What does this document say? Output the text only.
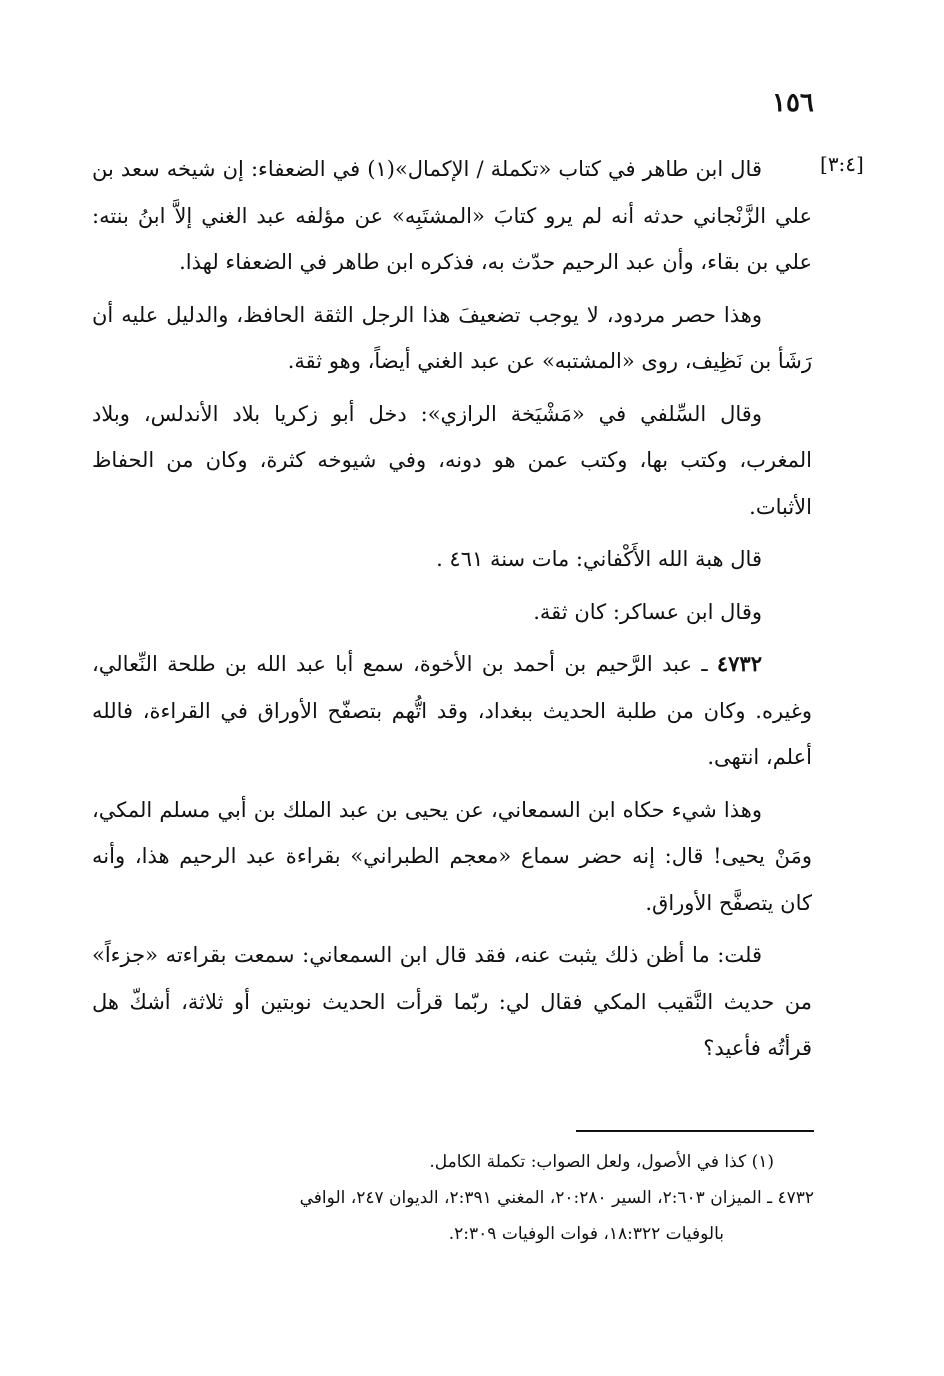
١٥٦
[٣:٤]

قال ابن طاهر في كتاب «تكملة / الإكمال»(١) في الضعفاء: إن شيخه سعد بن علي الزَّنْجاني حدثه أنه لم يرو كتابَ «المشتَبِه» عن مؤلفه عبد الغني إلاَّ ابنُ بنته: علي بن بقاء، وأن عبد الرحيم حدّث به، فذكره ابن طاهر في الضعفاء لهذا.

وهذا حصر مردود، لا يوجب تضعيفَ هذا الرجل الثقة الحافظ، والدليل عليه أن رَشَأ بن نَظِيف، روى «المشتبه» عن عبد الغني أيضاً، وهو ثقة.

وقال السِّلفي في «مَشْيَخة الرازي»: دخل أبو زكريا بلاد الأندلس، وبلاد المغرب، وكتب بها، وكتب عمن هو دونه، وفي شيوخه كثرة، وكان من الحفاظ الأثبات.

قال هبة الله الأَكْفاني: مات سنة ٤٦١ .

وقال ابن عساكر: كان ثقة.

٤٧٣٢ ـ عبد الرَّحيم بن أحمد بن الأخوة، سمع أبا عبد الله بن طلحة النِّعالي، وغيره. وكان من طلبة الحديث ببغداد، وقد اتُّهم بتصفّح الأوراق في القراءة، فالله أعلم، انتهى.

وهذا شيء حكاه ابن السمعاني، عن يحيى بن عبد الملك بن أبي مسلم المكي، ومَنْ يحيى! قال: إنه حضر سماع «معجم الطبراني» بقراءة عبد الرحيم هذا، وأنه كان يتصفَّح الأوراق.

قلت: ما أظن ذلك يثبت عنه، فقد قال ابن السمعاني: سمعت بقراءته «جزءاً» من حديث النَّقيب المكي فقال لي: ربّما قرأت الحديث نوبتين أو ثلاثة، أشكّ هل قرأتُه فأعيد؟

(١) كذا في الأصول، ولعل الصواب: تكملة الكامل.

٤٧٣٢ ـ الميزان ٢:٦٠٣، السير ٢٠:٢٨٠، المغني ٢:٣٩١، الديوان ٢٤٧، الوافي

بالوفيات ١٨:٣٢٢، فوات الوفيات ٢:٣٠٩.
